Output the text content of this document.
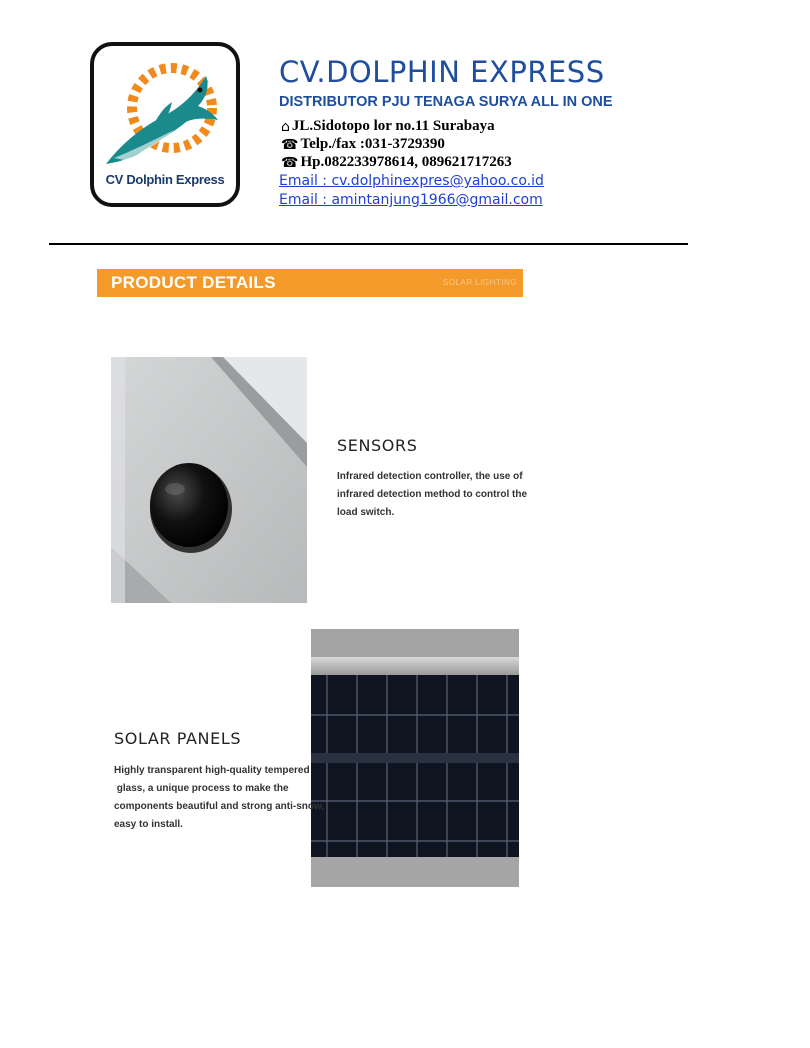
CV Dolphin Express
CV.DOLPHIN EXPRESS
DISTRIBUTOR PJU TENAGA SURYA ALL IN ONE
⌂ JL.Sidotopo lor no.11 Surabaya
☎ Telp./fax :031-3729390
☎ Hp.082233978614, 089621717263
Email : cv.dolphinexpres@yahoo.co.id
Email : amintanjung1966@gmail.com
PRODUCT DETAILS	SOLAR LIGHTING
SENSORS
Infrared detection controller, the use of
infrared detection method to control the
load switch.
SOLAR PANELS
Highly transparent high-quality tempered
glass, a unique process to make the
components beautiful and strong anti-snow,
easy to install.
